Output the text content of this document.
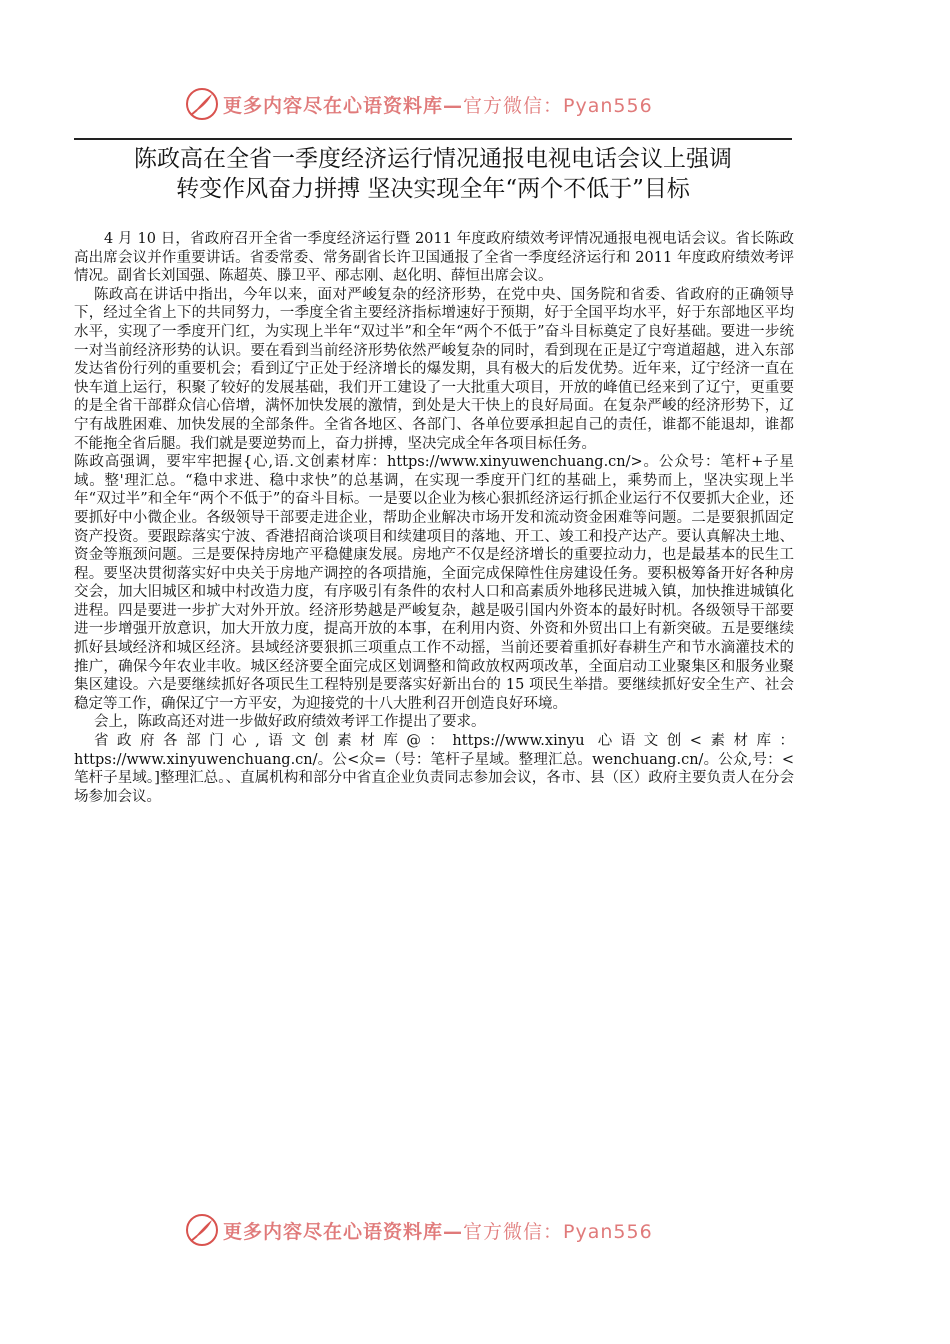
更多内容尽在心语资料库—官方微信：Pyan556
陈政高在全省一季度经济运行情况通报电视电话会议上强调
转变作风奋力拼搏 坚决实现全年“两个不低于”目标

4 月 10 日，省政府召开全省一季度经济运行暨 2011 年度政府绩效考评情况通报电视电话会议。省长陈政高出席会议并作重要讲话。省委常委、常务副省长许卫国通报了全省一季度经济运行和 2011 年度政府绩效考评情况。副省长刘国强、陈超英、滕卫平、邴志刚、赵化明、薛恒出席会议。

陈政高在讲话中指出，今年以来，面对严峻复杂的经济形势，在党中央、国务院和省委、省政府的正确领导下，经过全省上下的共同努力，一季度全省主要经济指标增速好于预期，好于全国平均水平，好于东部地区平均水平，实现了一季度开门红，为实现上半年“双过半”和全年“两个不低于”奋斗目标奠定了良好基础。要进一步统一对当前经济形势的认识。要在看到当前经济形势依然严峻复杂的同时，看到现在正是辽宁弯道超越，进入东部发达省份行列的重要机会；看到辽宁正处于经济增长的爆发期，具有极大的后发优势。近年来，辽宁经济一直在快车道上运行，积聚了较好的发展基础，我们开工建设了一大批重大项目，开放的峰值已经来到了辽宁，更重要的是全省干部群众信心倍增，满怀加快发展的激情，到处是大干快上的良好局面。在复杂严峻的经济形势下，辽宁有战胜困难、加快发展的全部条件。全省各地区、各部门、各单位要承担起自己的责任，谁都不能退却，谁都不能拖全省后腿。我们就是要逆势而上，奋力拼搏，坚决完成全年各项目标任务。

陈政高强调，要牢牢把握{心,语.文创素材库：https://www.xinyuwenchuang.cn/>。公众号：笔杆+子星域。整'理汇总。“稳中求进、稳中求快”的总基调，在实现一季度开门红的基础上，乘势而上，坚决实现上半年“双过半”和全年“两个不低于”的奋斗目标。一是要以企业为核心狠抓经济运行抓企业运行不仅要抓大企业，还要抓好中小微企业。各级领导干部要走进企业，帮助企业解决市场开发和流动资金困难等问题。二是要狠抓固定资产投资。要跟踪落实宁波、香港招商洽谈项目和续建项目的落地、开工、竣工和投产达产。要认真解决土地、资金等瓶颈问题。三是要保持房地产平稳健康发展。房地产不仅是经济增长的重要拉动力，也是最基本的民生工程。要坚决贯彻落实好中央关于房地产调控的各项措施，全面完成保障性住房建设任务。要积极筹备开好各种房交会，加大旧城区和城中村改造力度，有序吸引有条件的农村人口和高素质外地移民进城入镇，加快推进城镇化进程。四是要进一步扩大对外开放。经济形势越是严峻复杂，越是吸引国内外资本的最好时机。各级领导干部要进一步增强开放意识，加大开放力度，提高开放的本事，在利用内资、外资和外贸出口上有新突破。五是要继续抓好县域经济和城区经济。县域经济要狠抓三项重点工作不动摇，当前还要着重抓好春耕生产和节水滴灌技术的推广，确保今年农业丰收。城区经济要全面完成区划调整和简政放权两项改革，全面启动工业聚集区和服务业聚集区建设。六是要继续抓好各项民生工程特别是要落实好新出台的 15 项民生举措。要继续抓好安全生产、社会稳定等工作，确保辽宁一方平安，为迎接党的十八大胜利召开创造良好环境。

会上，陈政高还对进一步做好政府绩效考评工作提出了要求。

省政府各部门心,语文创素材库@：https://www.xinyu 心语文创<素材库：https://www.xinyuwenchuang.cn/。公<众=（号：笔杆子星域。整理汇总。wenchuang.cn/。公众,号：<笔杆子星域。]整理汇总。、直属机构和部分中省直企业负责同志参加会议，各市、县（区）政府主要负责人在分会场参加会议。

更多内容尽在心语资料库—官方微信：Pyan556
